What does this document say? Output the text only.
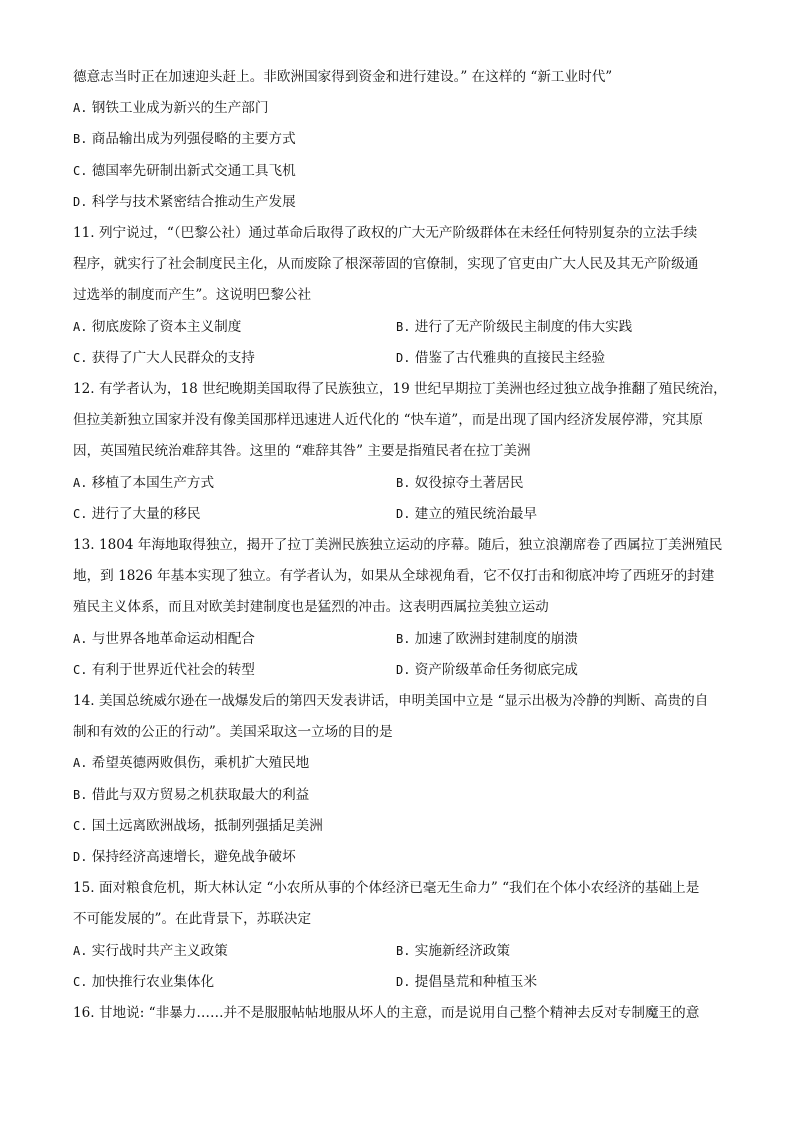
德意志当时正在加速迎头赶上。非欧洲国家得到资金和进行建设。” 在这样的 “新工业时代”
A. 钢铁工业成为新兴的生产部门
B. 商品输出成为列强侵略的主要方式
C. 德国率先研制出新式交通工具飞机
D. 科学与技术紧密结合推动生产发展
11. 列宁说过，“（巴黎公社）通过革命后取得了政权的广大无产阶级群体在未经任何特别复杂的立法手续
程序，就实行了社会制度民主化，从而废除了根深蒂固的官僚制，实现了官吏由广大人民及其无产阶级通
过选举的制度而产生”。这说明巴黎公社
A. 彻底废除了资本主义制度	B. 进行了无产阶级民主制度的伟大实践
C. 获得了广大人民群众的支持	D. 借鉴了古代雅典的直接民主经验
12. 有学者认为，18 世纪晚期美国取得了民族独立，19 世纪早期拉丁美洲也经过独立战争推翻了殖民统治，
但拉美新独立国家并没有像美国那样迅速进人近代化的 “快车道”，而是出现了国内经济发展停滞，究其原
因，英国殖民统治难辞其咎。这里的 “难辞其咎” 主要是指殖民者在拉丁美洲
A. 移植了本国生产方式	B. 奴役掠夺土著居民
C. 进行了大量的移民	D. 建立的殖民统治最早
13. 1804 年海地取得独立，揭开了拉丁美洲民族独立运动的序幕。随后，独立浪潮席卷了西属拉丁美洲殖民
地，到 1826 年基本实现了独立。有学者认为，如果从全球视角看，它不仅打击和彻底冲垮了西班牙的封建
殖民主义体系，而且对欧美封建制度也是猛烈的冲击。这表明西属拉美独立运动
A. 与世界各地革命运动相配合	B. 加速了欧洲封建制度的崩溃
C. 有利于世界近代社会的转型	D. 资产阶级革命任务彻底完成
14. 美国总统威尔逊在一战爆发后的第四天发表讲话，申明美国中立是 “显示出极为冷静的判断、高贵的自
制和有效的公正的行动”。美国采取这一立场的目的是
A. 希望英德两败俱伤，乘机扩大殖民地
B. 借此与双方贸易之机获取最大的利益
C. 国土远离欧洲战场，抵制列强插足美洲
D. 保持经济高速增长，避免战争破坏
15. 面对粮食危机，斯大林认定 “小农所从事的个体经济已毫无生命力” “我们在个体小农经济的基础上是
不可能发展的”。在此背景下，苏联决定
A. 实行战时共产主义政策	B. 实施新经济政策
C. 加快推行农业集体化	D. 提倡垦荒和种植玉米
16. 甘地说: “非暴力……并不是服服帖帖地服从坏人的主意，而是说用自己整个精神去反对专制魔王的意
